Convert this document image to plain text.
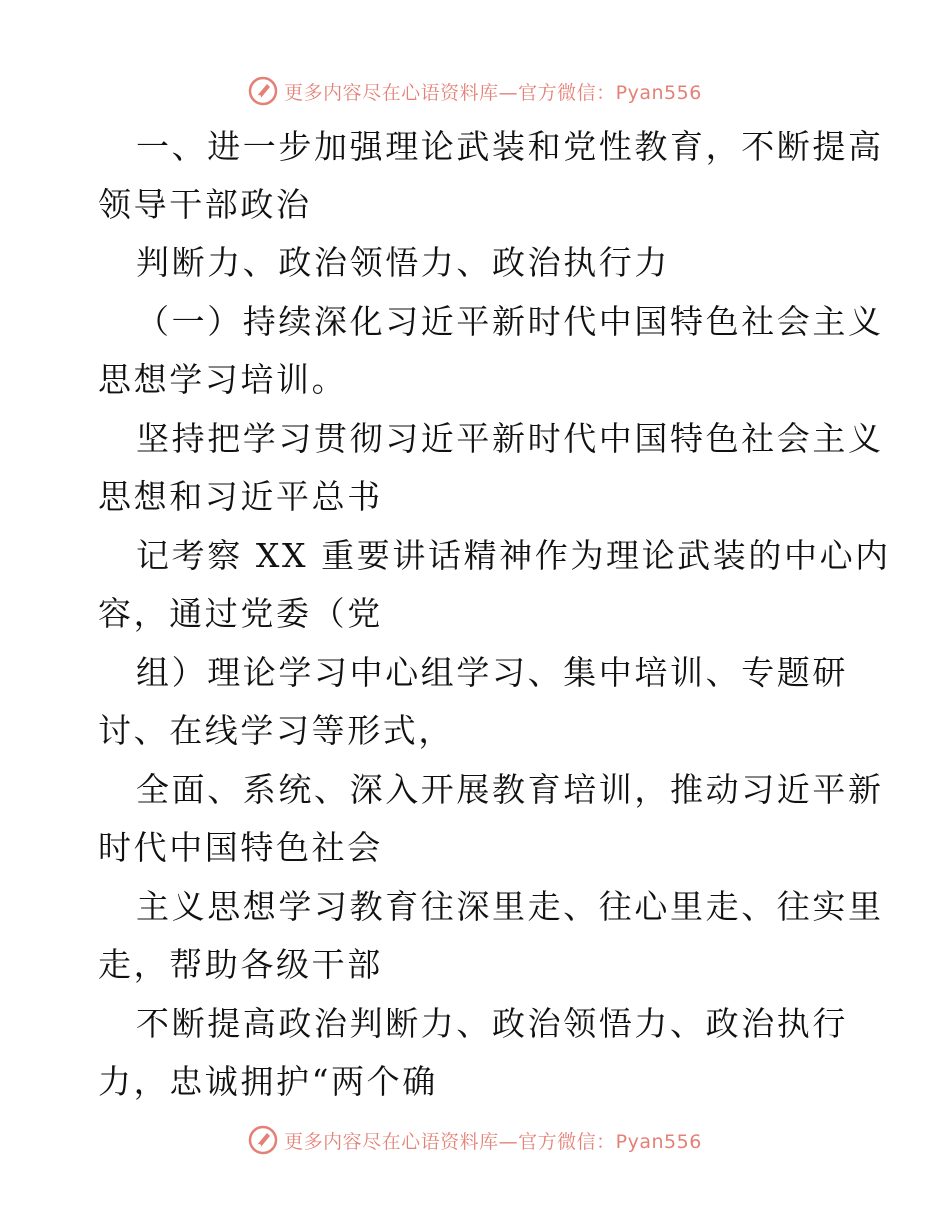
更多内容尽在心语资料库—官方微信：Pyan556
一、进一步加强理论武装和党性教育，不断提高
领导干部政治
判断力、政治领悟力、政治执行力
（一）持续深化习近平新时代中国特色社会主义
思想学习培训。
坚持把学习贯彻习近平新时代中国特色社会主义
思想和习近平总书
记考察 XX 重要讲话精神作为理论武装的中心内
容，通过党委（党
组）理论学习中心组学习、集中培训、专题研
讨、在线学习等形式，
全面、系统、深入开展教育培训，推动习近平新
时代中国特色社会
主义思想学习教育往深里走、往心里走、往实里
走，帮助各级干部
不断提高政治判断力、政治领悟力、政治执行
力，忠诚拥护“两个确
更多内容尽在心语资料库—官方微信：Pyan556
